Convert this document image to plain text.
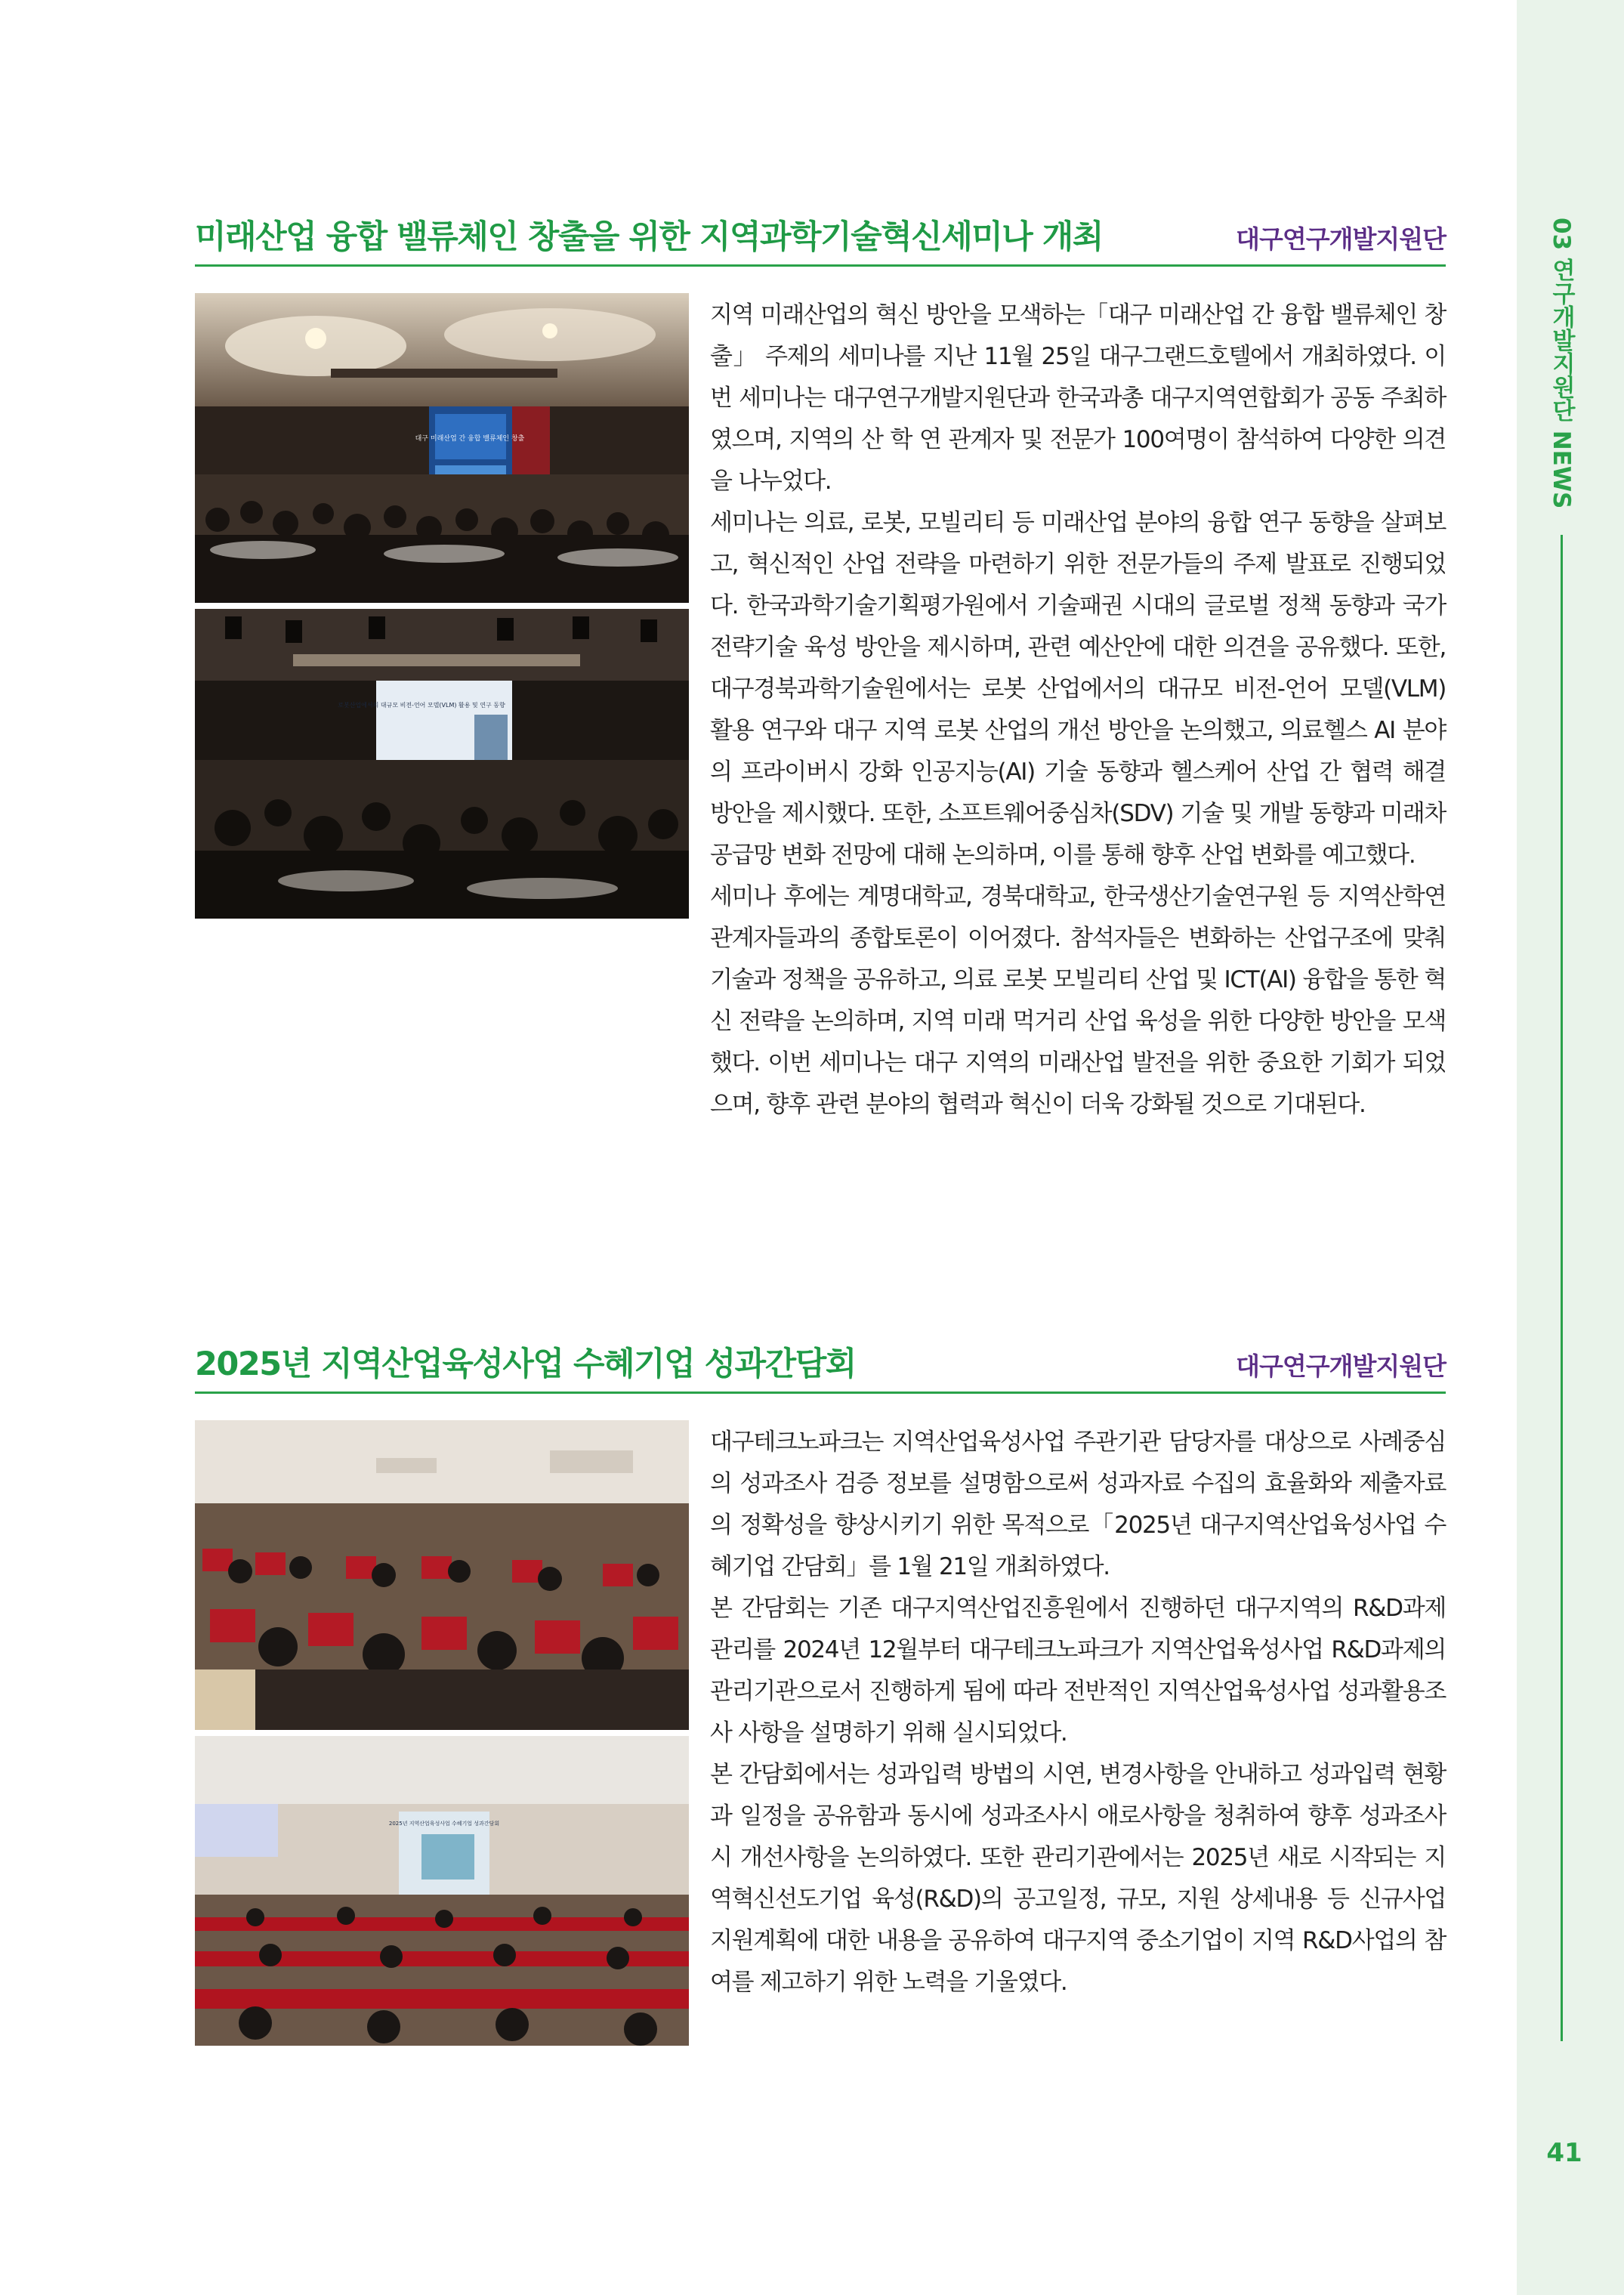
03 연구개발지원단 NEWS
41
미래산업 융합 밸류체인 창출을 위한 지역과학기술혁신세미나 개최	대구연구개발지원단
대구 미래산업 간 융합 밸류체인 창출
로봇산업에서의 대규모 비전-언어 모델(VLM) 활용 및 연구 동향

지역 미래산업의 혁신 방안을 모색하는「대구 미래산업 간 융합 밸류체인 창출」 주제의 세미나를 지난 11월 25일 대구그랜드호텔에서 개최하였다. 이번 세미나는 대구연구개발지원단과 한국과총 대구지역연합회가 공동 주최하였으며, 지역의 산 학 연 관계자 및 전문가 100여명이 참석하여 다양한 의견을 나누었다.

세미나는 의료, 로봇, 모빌리티 등 미래산업 분야의 융합 연구 동향을 살펴보고, 혁신적인 산업 전략을 마련하기 위한 전문가들의 주제 발표로 진행되었다. 한국과학기술기획평가원에서 기술패권 시대의 글로벌 정책 동향과 국가전략기술 육성 방안을 제시하며, 관련 예산안에 대한 의견을 공유했다. 또한, 대구경북과학기술원에서는 로봇 산업에서의 대규모 비전-언어 모델(VLM) 활용 연구와 대구 지역 로봇 산업의 개선 방안을 논의했고, 의료헬스 AI 분야의 프라이버시 강화 인공지능(AI) 기술 동향과 헬스케어 산업 간 협력 해결 방안을 제시했다. 또한, 소프트웨어중심차(SDV) 기술 및 개발 동향과 미래차 공급망 변화 전망에 대해 논의하며, 이를 통해 향후 산업 변화를 예고했다.

세미나 후에는 계명대학교, 경북대학교, 한국생산기술연구원 등 지역산학연 관계자들과의 종합토론이 이어졌다. 참석자들은 변화하는 산업구조에 맞춰 기술과 정책을 공유하고, 의료 로봇 모빌리티 산업 및 ICT(AI) 융합을 통한 혁신 전략을 논의하며, 지역 미래 먹거리 산업 육성을 위한 다양한 방안을 모색했다. 이번 세미나는 대구 지역의 미래산업 발전을 위한 중요한 기회가 되었으며, 향후 관련 분야의 협력과 혁신이 더욱 강화될 것으로 기대된다.

2025년 지역산업육성사업 수혜기업 성과간담회	대구연구개발지원단
2025년 지역산업육성사업 수혜기업 성과간담회

대구테크노파크는 지역산업육성사업 주관기관 담당자를 대상으로 사례중심의 성과조사 검증 정보를 설명함으로써 성과자료 수집의 효율화와 제출자료의 정확성을 향상시키기 위한 목적으로「2025년 대구지역산업육성사업 수혜기업 간담회」를 1월 21일 개최하였다.

본 간담회는 기존 대구지역산업진흥원에서 진행하던 대구지역의 R&D과제 관리를 2024년 12월부터 대구테크노파크가 지역산업육성사업 R&D과제의 관리기관으로서 진행하게 됨에 따라 전반적인 지역산업육성사업 성과활용조사 사항을 설명하기 위해 실시되었다.

본 간담회에서는 성과입력 방법의 시연, 변경사항을 안내하고 성과입력 현황과 일정을 공유함과 동시에 성과조사시 애로사항을 청취하여 향후 성과조사시 개선사항을 논의하였다. 또한 관리기관에서는 2025년 새로 시작되는 지역혁신선도기업 육성(R&D)의 공고일정, 규모, 지원 상세내용 등 신규사업 지원계획에 대한 내용을 공유하여 대구지역 중소기업이 지역 R&D사업의 참여를 제고하기 위한 노력을 기울였다.
